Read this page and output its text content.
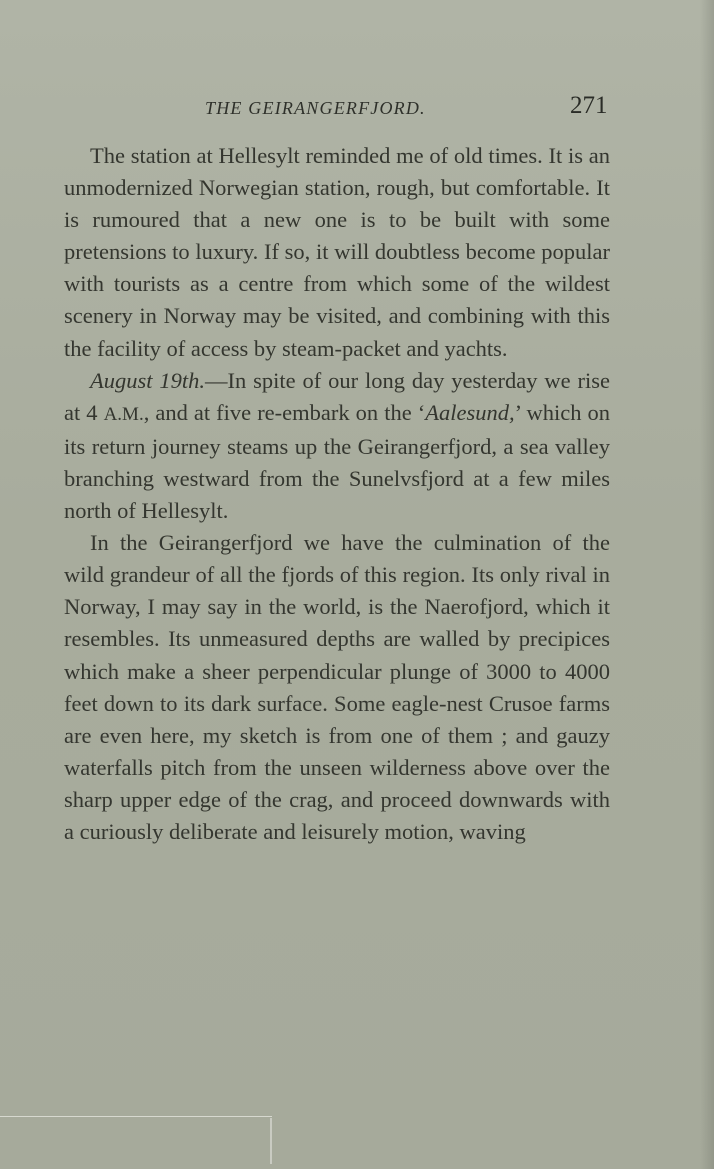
THE GEIRANGERFJORD.	271

The station at Hellesylt reminded me of old times. It is an unmodernized Norwegian station, rough, but comfortable. It is rumoured that a new one is to be built with some pretensions to luxury. If so, it will doubtless become popular with tourists as a centre from which some of the wildest scenery in Norway may be visited, and combining with this the facility of access by steam-packet and yachts.

August 19th.—In spite of our long day yesterday we rise at 4 A.M., and at five re-embark on the ‘Aalesund,’ which on its return journey steams up the Geirangerfjord, a sea valley branching westward from the Sunelvsfjord at a few miles north of Hellesylt.

In the Geirangerfjord we have the culmination of the wild grandeur of all the fjords of this region. Its only rival in Norway, I may say in the world, is the Naerofjord, which it resembles. Its unmeasured depths are walled by precipices which make a sheer perpendicular plunge of 3000 to 4000 feet down to its dark surface. Some eagle-nest Crusoe farms are even here, my sketch is from one of them ; and gauzy waterfalls pitch from the unseen wilderness above over the sharp upper edge of the crag, and proceed downwards with a curiously deliberate and leisurely motion, waving
